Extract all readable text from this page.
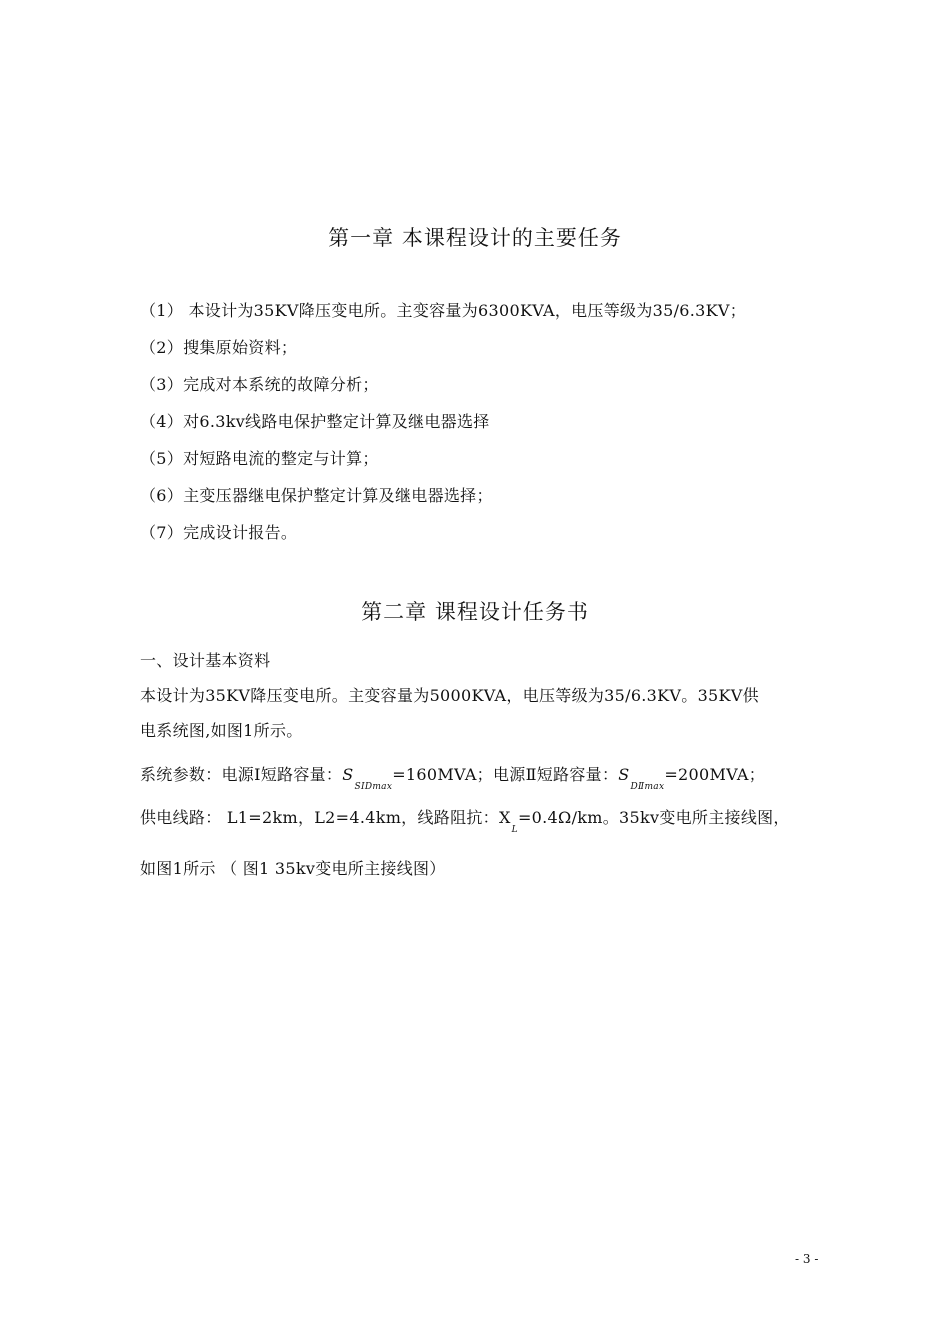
第一章 本课程设计的主要任务
（1） 本设计为35KV降压变电所。主变容量为6300KVA，电压等级为35/6.3KV；
（2）搜集原始资料；
（3）完成对本系统的故障分析；
（4）对6.3kv线路电保护整定计算及继电器选择
（5）对短路电流的整定与计算；
（6）主变压器继电保护整定计算及继电器选择；
（7）完成设计报告。
第二章 课程设计任务书
一、设计基本资料
本设计为35KV降压变电所。主变容量为5000KVA，电压等级为35/6.3KV。35KV供
电系统图,如图1所示。
系统参数：电源Ⅰ短路容量：$S_{SIDmax}=160MVA$；电源Ⅱ短路容量：$S_{DⅡmax}=200MVA$；
供电线路： L1=2km，L2=4.4km，线路阻抗：$X_L=0.4\Omega/km$。35kv变电所主接线图，
如图1所示 （ 图1 35kv变电所主接线图）
- 3 -
